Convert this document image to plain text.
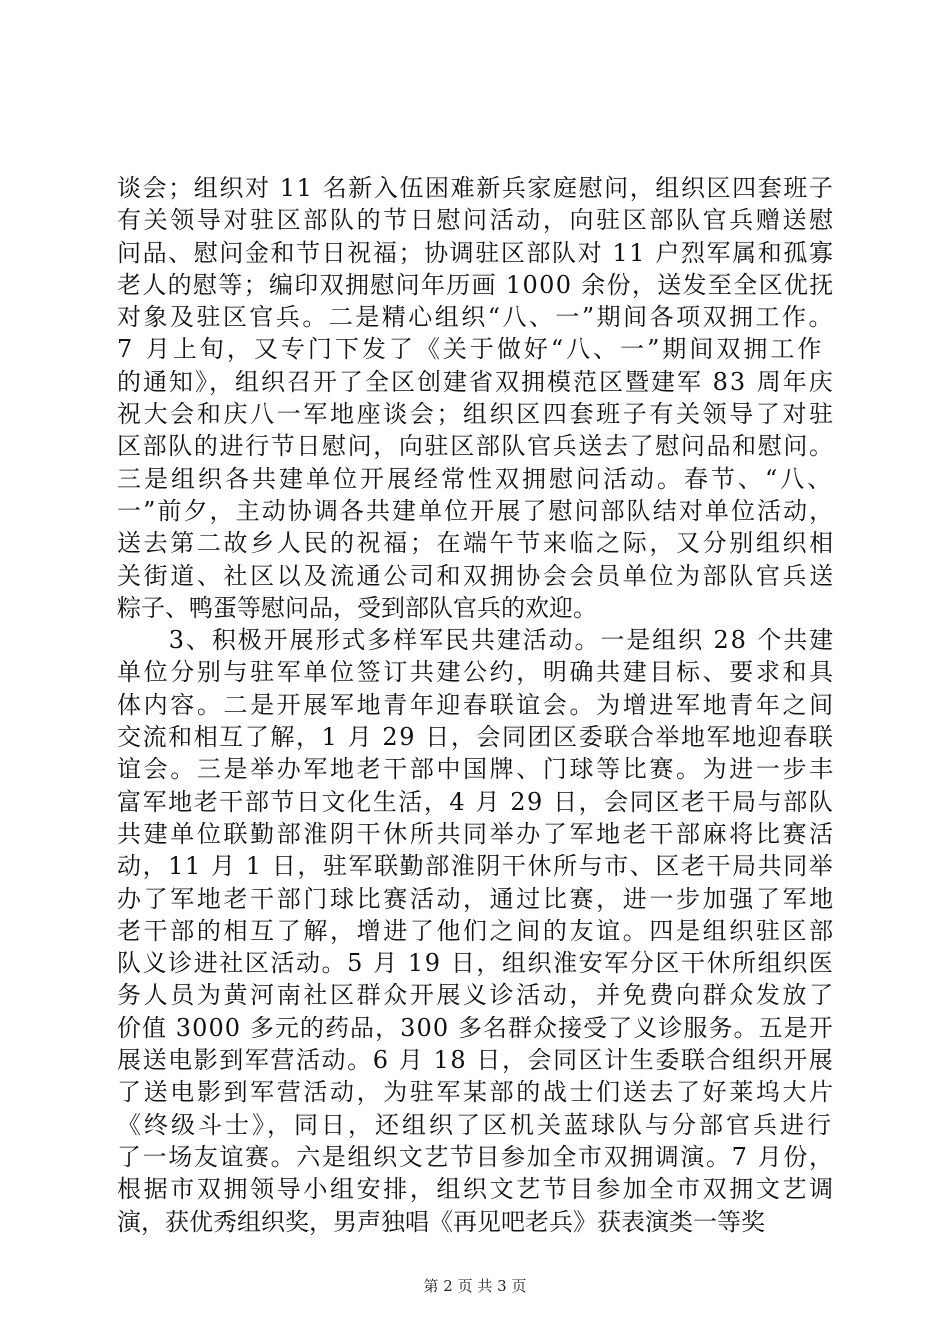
谈会；组织对 11 名新入伍困难新兵家庭慰问，组织区四套班子
有关领导对驻区部队的节日慰问活动，向驻区部队官兵赠送慰
问品、慰问金和节日祝福；协调驻区部队对 11 户烈军属和孤寡
老人的慰等；编印双拥慰问年历画 1000 余份，送发至全区优抚
对象及驻区官兵。二是精心组织“八、一”期间各项双拥工作。
7 月上旬，又专门下发了《关于做好“八、一”期间双拥工作
的通知》，组织召开了全区创建省双拥模范区暨建军 83 周年庆
祝大会和庆八一军地座谈会；组织区四套班子有关领导了对驻
区部队的进行节日慰问，向驻区部队官兵送去了慰问品和慰问。
三是组织各共建单位开展经常性双拥慰问活动。春节、“八、
一”前夕，主动协调各共建单位开展了慰问部队结对单位活动，
送去第二故乡人民的祝福；在端午节来临之际，又分别组织相
关街道、社区以及流通公司和双拥协会会员单位为部队官兵送
粽子、鸭蛋等慰问品，受到部队官兵的欢迎。
　　3、积极开展形式多样军民共建活动。一是组织 28 个共建
单位分别与驻军单位签订共建公约，明确共建目标、要求和具
体内容。二是开展军地青年迎春联谊会。为增进军地青年之间
交流和相互了解，1 月 29 日，会同团区委联合举地军地迎春联
谊会。三是举办军地老干部中国牌、门球等比赛。为进一步丰
富军地老干部节日文化生活，4 月 29 日，会同区老干局与部队
共建单位联勤部淮阴干休所共同举办了军地老干部麻将比赛活
动，11 月 1 日，驻军联勤部淮阴干休所与市、区老干局共同举
办了军地老干部门球比赛活动，通过比赛，进一步加强了军地
老干部的相互了解，增进了他们之间的友谊。四是组织驻区部
队义诊进社区活动。5 月 19 日，组织淮安军分区干休所组织医
务人员为黄河南社区群众开展义诊活动，并免费向群众发放了
价值 3000 多元的药品，300 多名群众接受了义诊服务。五是开
展送电影到军营活动。6 月 18 日，会同区计生委联合组织开展
了送电影到军营活动，为驻军某部的战士们送去了好莱坞大片
《终级斗士》，同日，还组织了区机关蓝球队与分部官兵进行
了一场友谊赛。六是组织文艺节目参加全市双拥调演。7 月份，
根据市双拥领导小组安排，组织文艺节目参加全市双拥文艺调
演，获优秀组织奖，男声独唱《再见吧老兵》获表演类一等奖
第 2 页 共 3 页
